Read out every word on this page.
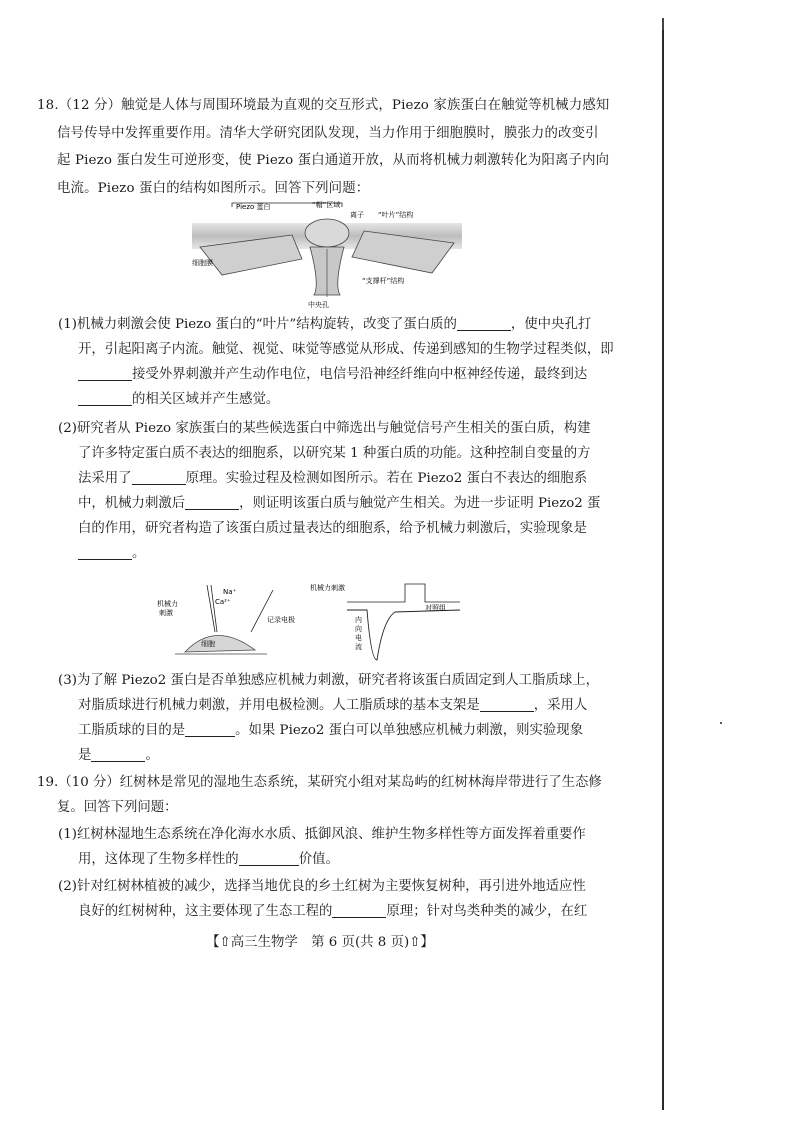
18.（12 分）触觉是人体与周围环境最为直观的交互形式，Piezo 家族蛋白在触觉等机械力感知
信号传导中发挥重要作用。清华大学研究团队发现，当力作用于细胞膜时，膜张力的改变引
起 Piezo 蛋白发生可逆形变，使 Piezo 蛋白通道开放，从而将机械力刺激转化为阳离子内向
电流。Piezo 蛋白的结构如图所示。回答下列问题：
Piezo 蛋白	“帽”区域
离子 “叶片”结构
细胞膜
“支撑杆”结构
中央孔

(1)机械力刺激会使 Piezo 蛋白的“叶片”结构旋转，改变了蛋白质的	，使中央孔打

开，引起阳离子内流。触觉、视觉、味觉等感觉从形成、传递到感知的生物学过程类似，即

接受外界刺激并产生动作电位，电信号沿神经纤维向中枢神经传递，最终到达

的相关区域并产生感觉。

(2)研究者从 Piezo 家族蛋白的某些候选蛋白中筛选出与触觉信号产生相关的蛋白质，构建

了许多特定蛋白质不表达的细胞系，以研究某 1 种蛋白质的功能。这种控制自变量的方

法采用了	原理。实验过程及检测如图所示。若在 Piezo2 蛋白不表达的细胞系

中，机械力刺激后	，则证明该蛋白质与触觉产生相关。为进一步证明 Piezo2 蛋

白的作用，研究者构造了该蛋白质过量表达的细胞系，给予机械力刺激后，实验现象是

。

机械力
刺激
Na⁺
Ca²⁺
记录电极
细胞
机械力刺激
内
向
电
流
对照组

(3)为了解 Piezo2 蛋白是否单独感应机械力刺激，研究者将该蛋白质固定到人工脂质球上，

对脂质球进行机械力刺激，并用电极检测。人工脂质球的基本支架是	，采用人

工脂质球的目的是	。如果 Piezo2 蛋白可以单独感应机械力刺激，则实验现象

是	。

19.（10 分）红树林是常见的湿地生态系统，某研究小组对某岛屿的红树林海岸带进行了生态修

复。回答下列问题：

(1)红树林湿地生态系统在净化海水水质、抵御风浪、维护生物多样性等方面发挥着重要作

用，这体现了生物多样性的	价值。

(2)针对红树林植被的减少，选择当地优良的乡土红树为主要恢复树种，再引进外地适应性

良好的红树树种，这主要体现了生态工程的	原理；针对鸟类种类的减少，在红

【⇧高三生物学　第 6 页(共 8 页)⇧】
